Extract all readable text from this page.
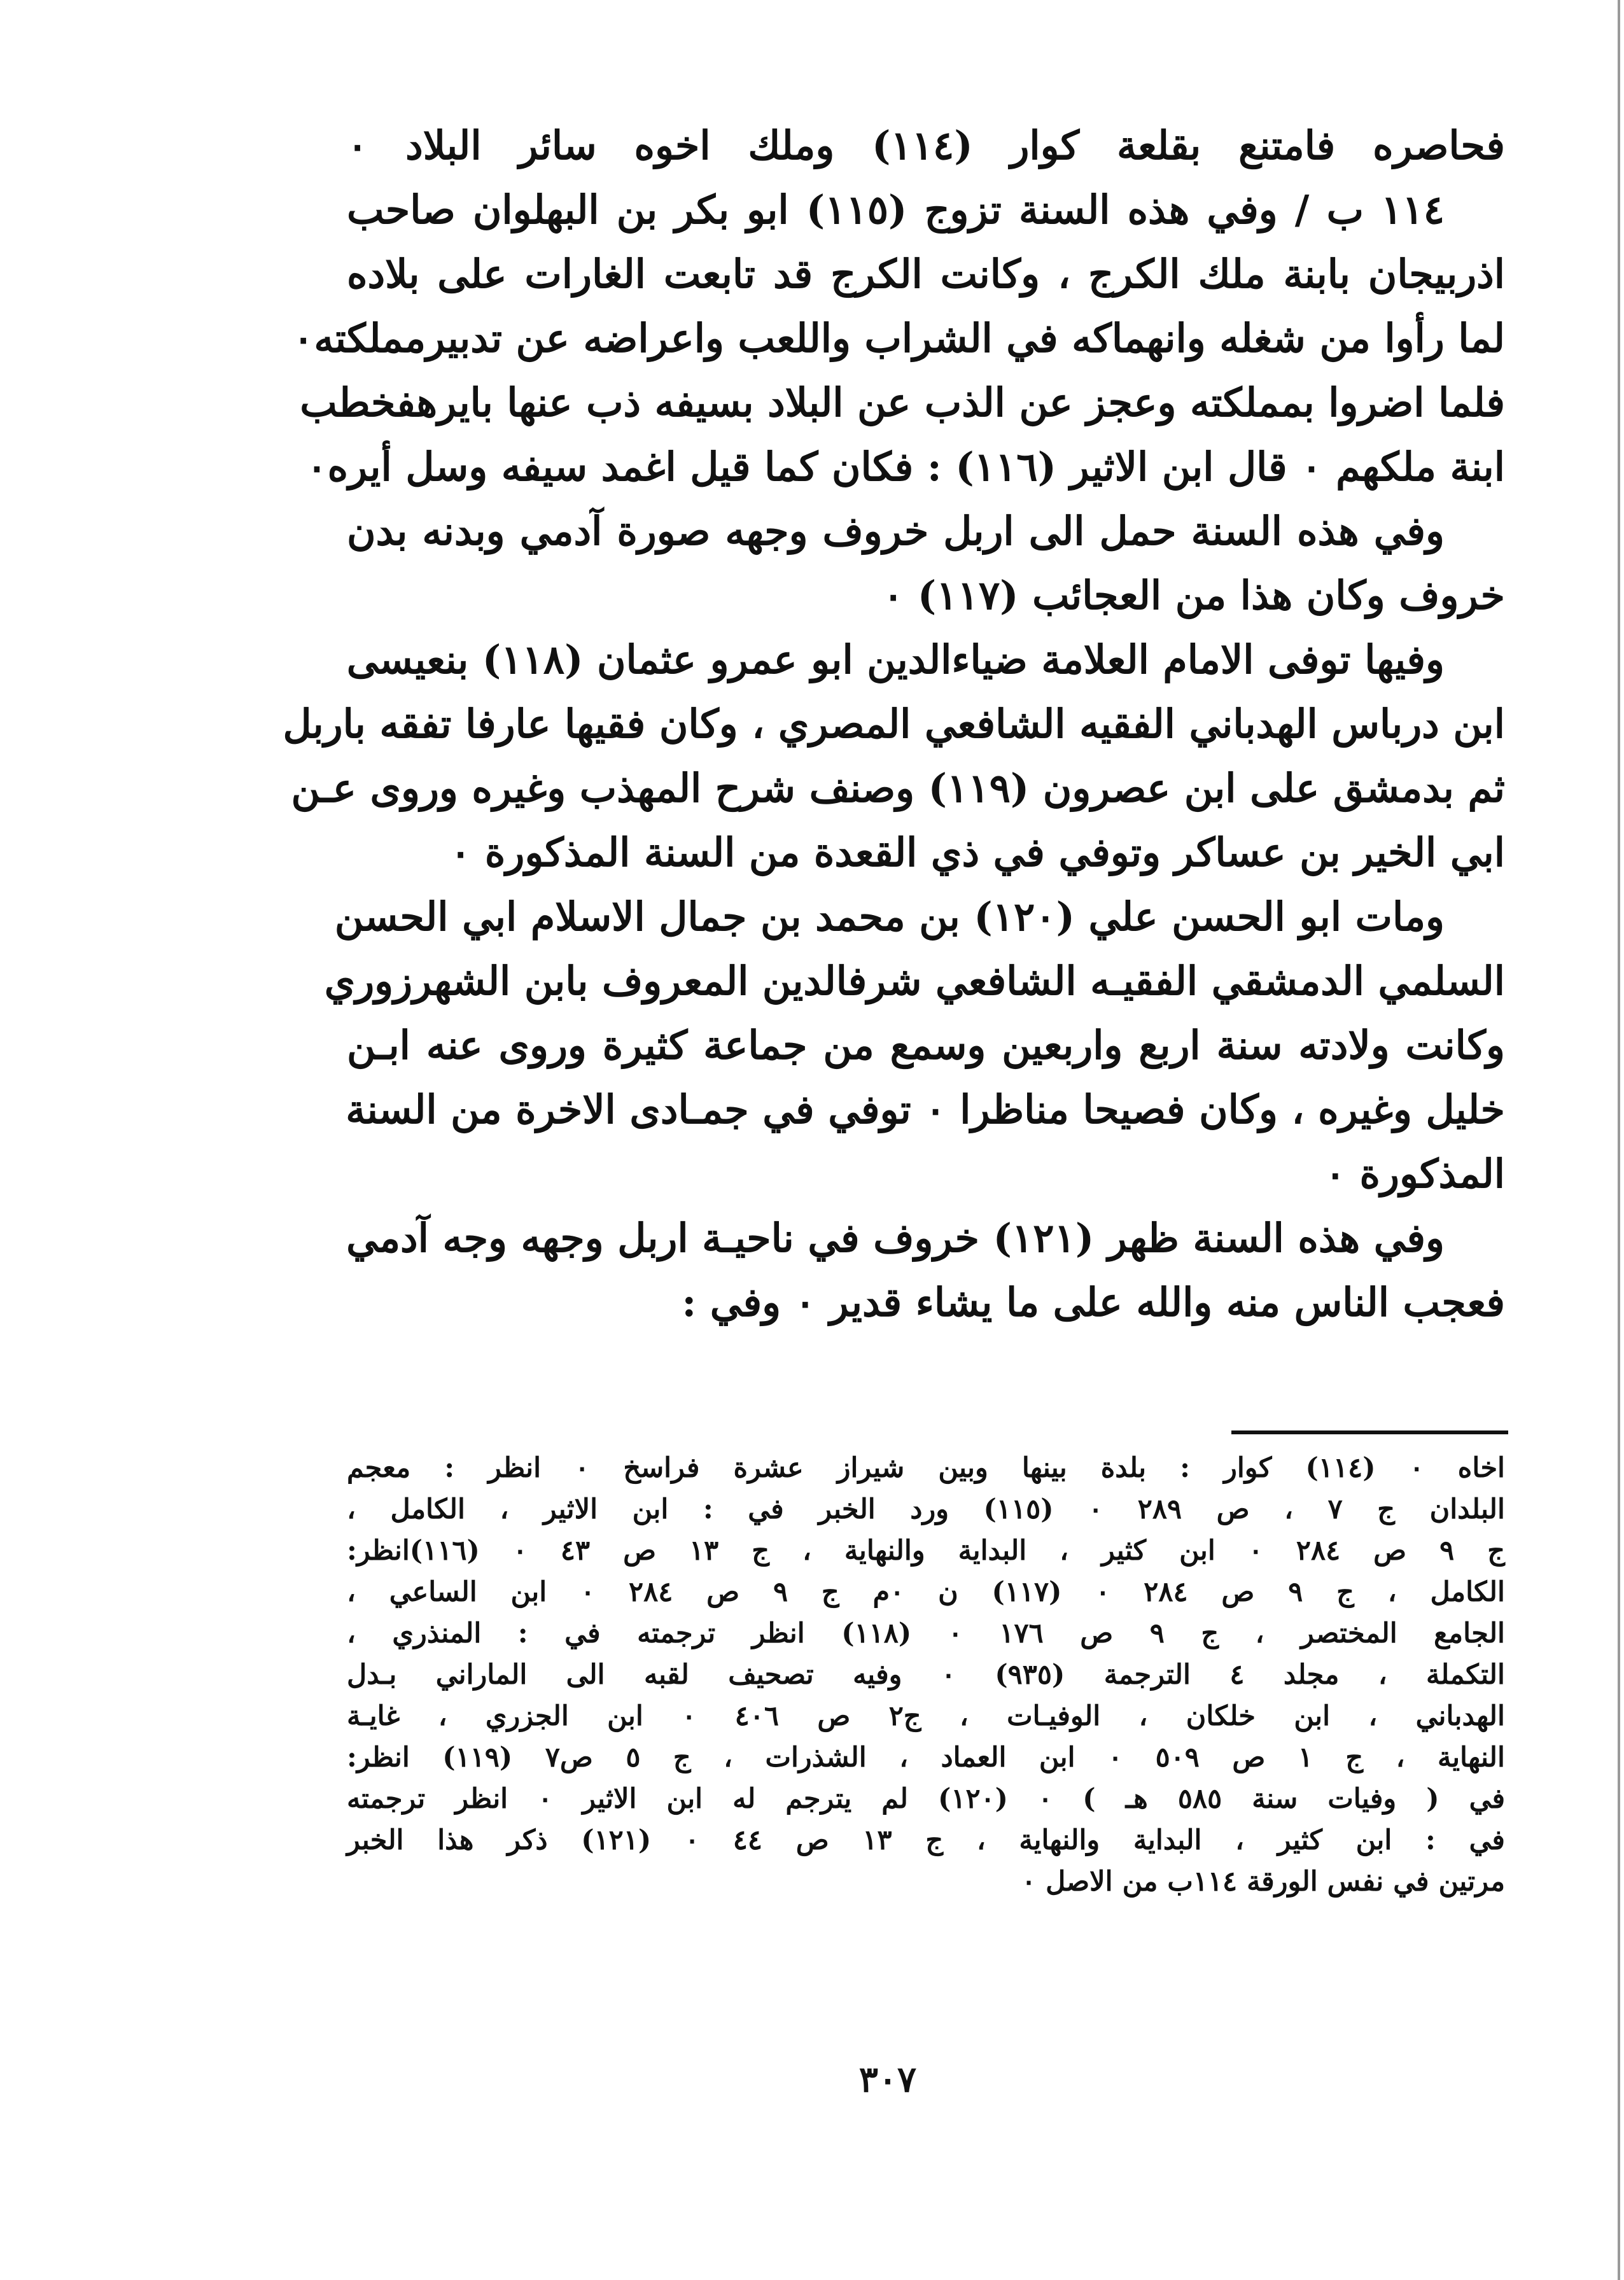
فحاصره فامتنع بقلعة كوار (١١٤) وملك اخوه سائر البلاد ٠
١١٤ ب / وفي هذه السنة تزوج (١١٥) ابو بكر بن البهلوان صاحب
اذربيجان بابنة ملك الكرج ، وكانت الكرج قد تابعت الغارات على بلاده
لما رأوا من شغله وانهماكه في الشراب واللعب واعراضه عن تدبيرمملكته٠
فلما اضروا بمملكته وعجز عن الذب عن البلاد بسيفه ذب عنها بايرهفخطب
ابنة ملكهم ٠ قال ابن الاثير (١١٦) : فكان كما قيل اغمد سيفه وسل أيره٠
وفي هذه السنة حمل الى اربل خروف وجهه صورة آدمي وبدنه بدن
خروف وكان هذا من العجائب (١١٧) ٠
وفيها توفى الامام العلامة ضياءالدين ابو عمرو عثمان (١١٨) بنعيسى
ابن درباس الهدباني الفقيه الشافعي المصري ، وكان فقيها عارفا تفقه باربل
ثم بدمشق على ابن عصرون (١١٩) وصنف شرح المهذب وغيره وروى عـن
ابي الخير بن عساكر وتوفي في ذي القعدة من السنة المذكورة ٠
ومات ابو الحسن علي (١٢٠) بن محمد بن جمال الاسلام ابي الحسن
السلمي الدمشقي الفقيـه الشافعي شرفالدين المعروف بابن الشهرزوري
وكانت ولادته سنة اربع واربعين وسمع من جماعة كثيرة وروى عنه ابـن
خليل وغيره ، وكان فصيحا مناظرا ٠ توفي في جمـادى الاخرة من السنة
المذكورة ٠
وفي هذه السنة ظهر (١٢١) خروف في ناحيـة اربل وجهه وجه آدمي
فعجب الناس منه والله على ما يشاء قدير ٠ وفي :
اخاه ٠ (١١٤) كوار : بلدة بينها وبين شيراز عشرة فراسخ ٠ انظر : معجم
البلدان ج ٧ ، ص ٢٨٩ ٠ (١١٥) ورد الخبر في : ابن الاثير ، الكامل ،
ج ٩ ص ٢٨٤ ٠ ابن كثير ، البداية والنهاية ، ج ١٣ ص ٤٣ ٠ (١١٦)انظر:
الكامل ، ج ٩ ص ٢٨٤ ٠ (١١٧) ن ٠م ج ٩ ص ٢٨٤ ٠ ابن الساعي ،
الجامع المختصر ، ج ٩ ص ١٧٦ ٠ (١١٨) انظر ترجمته في : المنذري ،
التكملة ، مجلد ٤ الترجمة (٩٣٥) ٠ وفيه تصحيف لقبه الى الماراني بـدل
الهدباني ، ابن خلكان ، الوفيـات ، ج٢ ص ٤٠٦ ٠ ابن الجزري ، غايـة
النهاية ، ج ١ ص ٥٠٩ ٠ ابن العماد ، الشذرات ، ج ٥ ص٧ (١١٩) انظر:
في ( وفيات سنة ٥٨٥ هـ ) ٠ (١٢٠) لم يترجم له ابن الاثير ٠ انظر ترجمته
في : ابن كثير ، البداية والنهاية ، ج ١٣ ص ٤٤ ٠ (١٢١) ذكر هذا الخبر
مرتين في نفس الورقة ١١٤ب من الاصل ٠
٣٠٧
